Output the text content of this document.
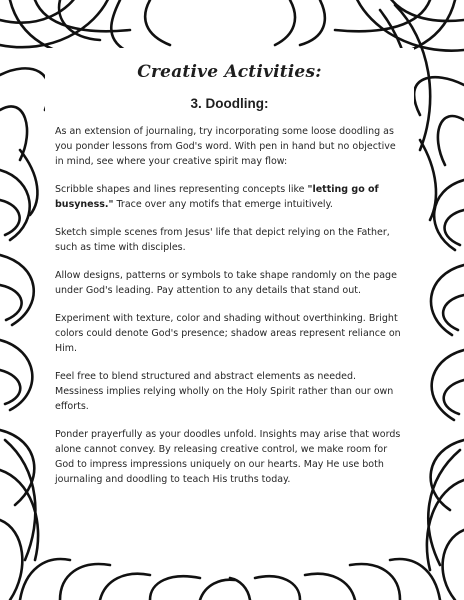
Creative Activities:
3. Doodling:

As an extension of journaling, try incorporating some loose doodling as you ponder lessons from God's word. With pen in hand but no objective in mind, see where your creative spirit may flow:

Scribble shapes and lines representing concepts like "letting go of busyness." Trace over any motifs that emerge intuitively.

Sketch simple scenes from Jesus' life that depict relying on the Father, such as time with disciples.

Allow designs, patterns or symbols to take shape randomly on the page under God's leading. Pay attention to any details that stand out.

Experiment with texture, color and shading without overthinking. Bright colors could denote God's presence; shadow areas represent reliance on Him.

Feel free to blend structured and abstract elements as needed. Messiness implies relying wholly on the Holy Spirit rather than our own efforts.

Ponder prayerfully as your doodles unfold. Insights may arise that words alone cannot convey. By releasing creative control, we make room for God to impress impressions uniquely on our hearts. May He use both journaling and doodling to teach His truths today.
